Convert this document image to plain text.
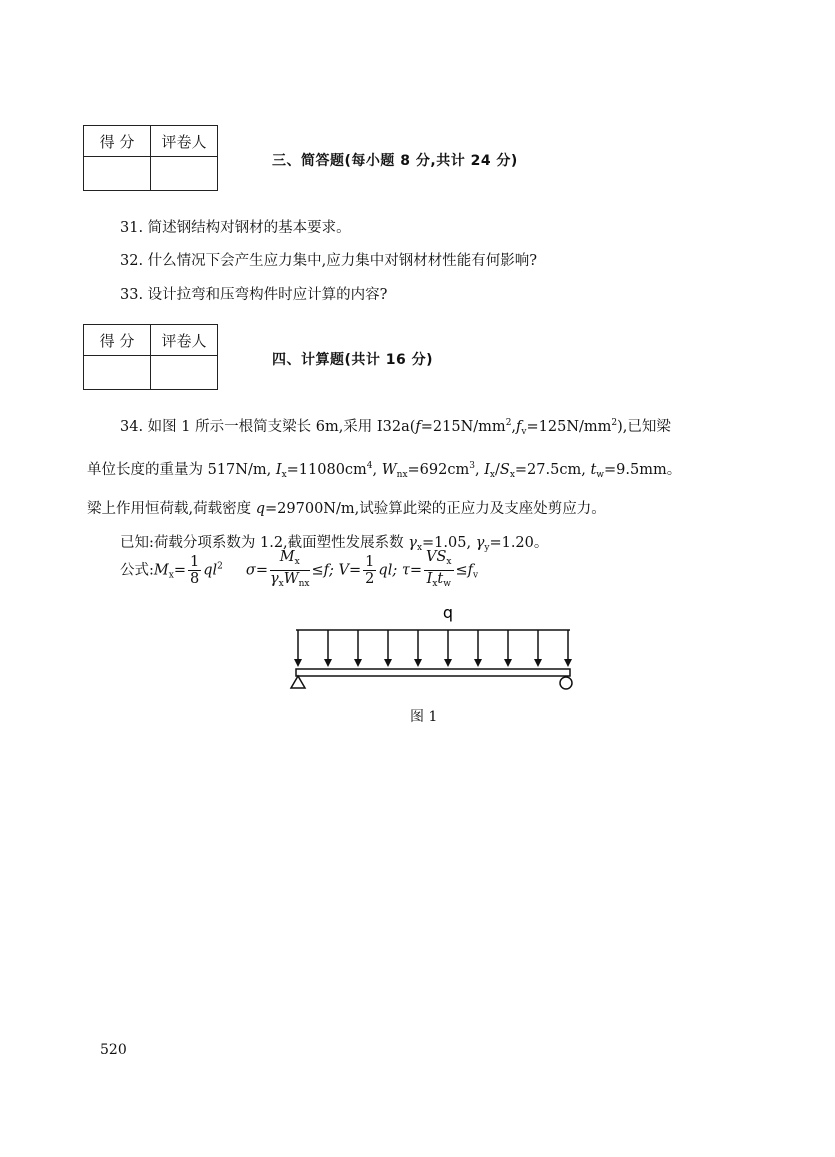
得 分	评卷人

三、简答题(每小题 8 分,共计 24 分)
31. 简述钢结构对钢材的基本要求。
32. 什么情况下会产生应力集中,应力集中对钢材材性能有何影响?
33. 设计拉弯和压弯构件时应计算的内容?
得 分	评卷人

四、计算题(共计 16 分)
34. 如图 1 所示一根简支梁长 6m,采用 $I32a(f=215N/mm^2,f_v=125N/mm^2)$,已知梁
单位长度的重量为 517N/m, $I_x=11080cm^4$, $W_{nx}=692cm^3$, $I_x/S_x=27.5cm$, $t_w=9.5mm$。
梁上作用恒荷载,荷载密度 q=29700N/m,试验算此梁的正应力及支座处剪应力。
已知:荷载分项系数为 1.2,截面塑性发展系数 $\gamma_x=1.05$, $\gamma_y=1.20$。
公式$:M_x= \frac{1}{8} ql^2$ $\sigma= \frac{M_x}{\gamma_xW_{nx}} \le f$; $V= \frac{1}{2}$ ql; $\tau= \frac{VS_x}{I_xt_w} \le f_v$
q
图 1
520
